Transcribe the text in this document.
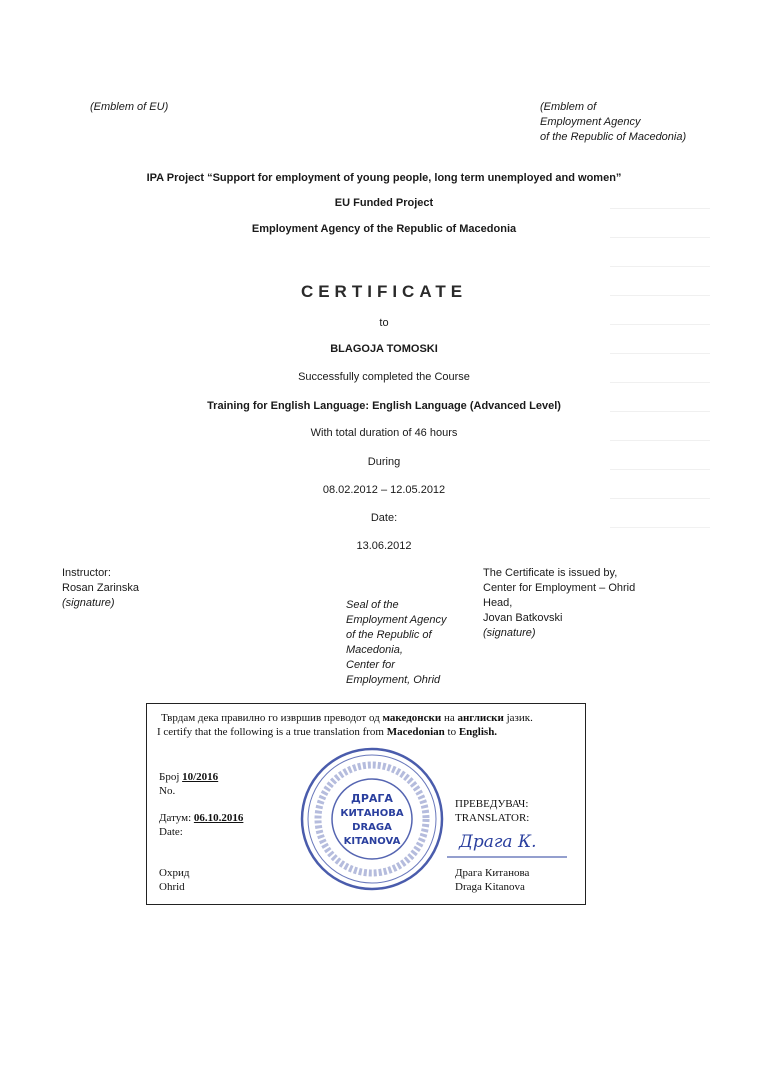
(Emblem of EU)	(Emblem of
Employment Agency
of the Republic of Macedonia)
IPA Project “Support for employment of young people, long term unemployed and women”
EU Funded Project
Employment Agency of the Republic of Macedonia
CERTIFICATE
to
BLAGOJA TOMOSKI
Successfully completed the Course
Training for English Language: English Language (Advanced Level)
With total duration of 46 hours
During
08.02.2012 – 12.05.2012
Date:
13.06.2012
Instructor:
Rosan Zarinska
(signature)	Seal of the
Employment Agency
of the Republic of
Macedonia,
Center for
Employment, Ohrid
The Certificate is issued by,
Center for Employment – Ohrid
Head,
Jovan Batkovski
(signature)
Тврдам дека правилно го извршив преводот од македонски на англиски јазик.
I certify that the following is a true translation from Macedonian to English.
Број 10/2016
No.
Датум: 06.10.2016
Date:
Охрид
Ohrid
ДРАГА
КИТАНОВА
DRAGA
KITANOVA
ПРЕВЕДУВАЧ:
TRANSLATOR:
Драга К.
Драга Китанова
Draga Kitanova
